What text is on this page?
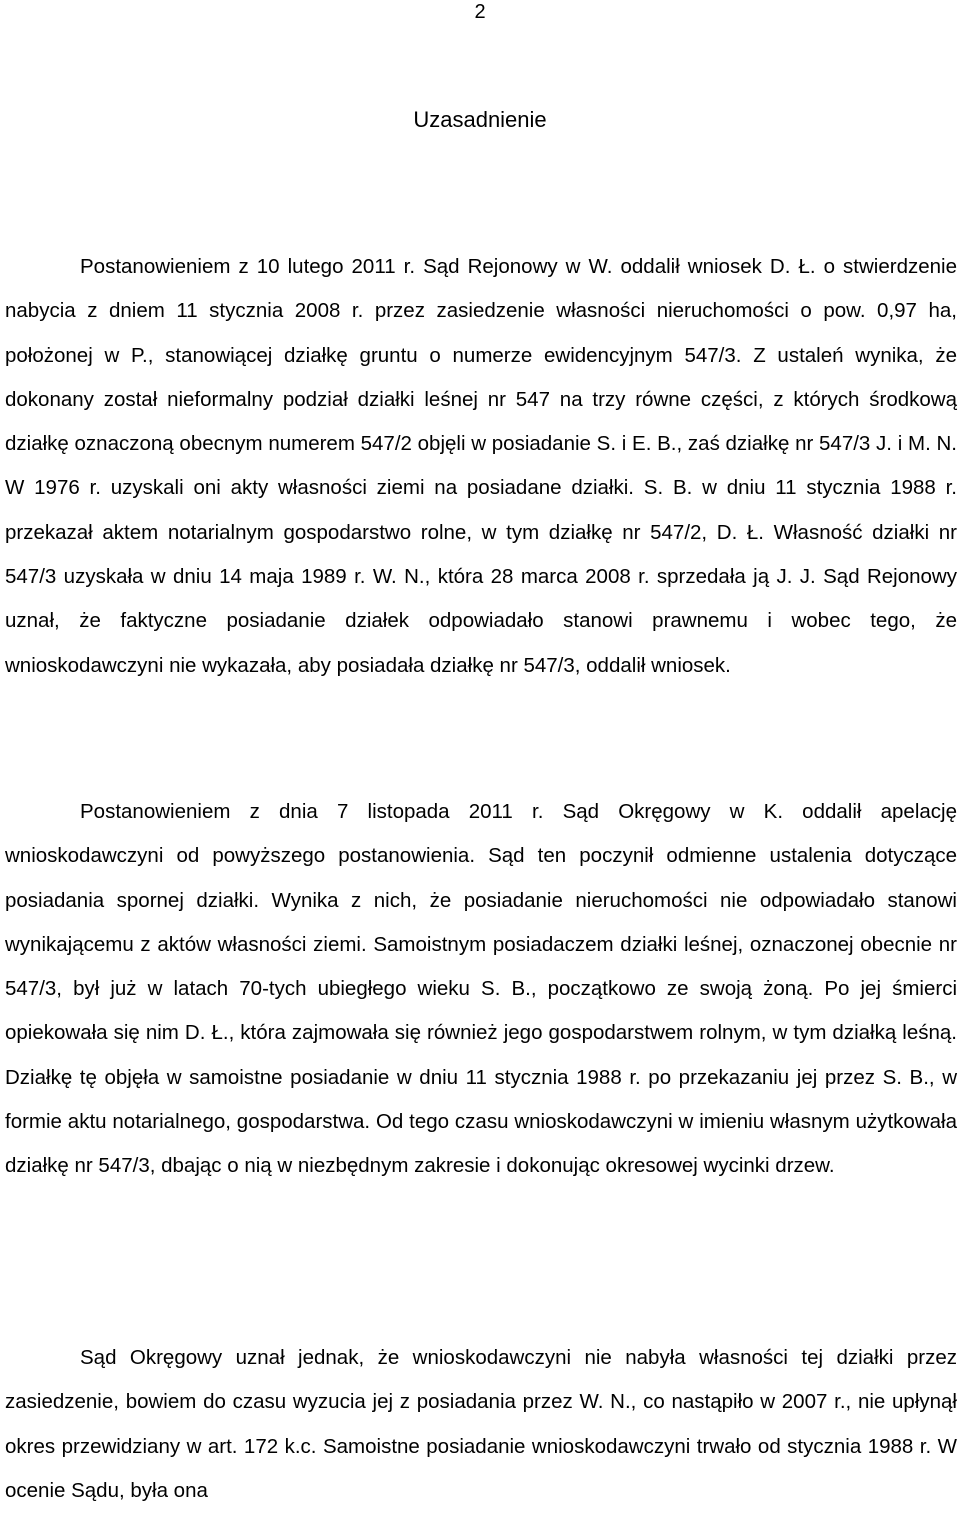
2
Uzasadnienie

Postanowieniem z 10 lutego 2011 r. Sąd Rejonowy w W. oddalił wniosek D. Ł. o stwierdzenie nabycia z dniem 11 stycznia 2008 r. przez zasiedzenie własności nieruchomości o pow. 0,97 ha, położonej w P., stanowiącej działkę gruntu o numerze ewidencyjnym 547/3. Z ustaleń wynika, że dokonany został nieformalny podział działki leśnej nr 547 na trzy równe części, z których środkową działkę oznaczoną obecnym numerem 547/2 objęli w posiadanie S. i E. B., zaś działkę nr 547/3 J. i M. N. W 1976 r. uzyskali oni akty własności ziemi na posiadane działki. S. B. w dniu 11 stycznia 1988 r. przekazał aktem notarialnym gospodarstwo rolne, w tym działkę nr 547/2, D. Ł. Własność działki nr 547/3 uzyskała w dniu 14 maja 1989 r. W. N., która 28 marca 2008 r. sprzedała ją J. J. Sąd Rejonowy uznał, że faktyczne posiadanie działek odpowiadało stanowi prawnemu i wobec tego, że wnioskodawczyni nie wykazała, aby posiadała działkę nr 547/3, oddalił wniosek.

Postanowieniem z dnia 7 listopada 2011 r. Sąd Okręgowy w K. oddalił apelację wnioskodawczyni od powyższego postanowienia. Sąd ten poczynił odmienne ustalenia dotyczące posiadania spornej działki. Wynika z nich, że posiadanie nieruchomości nie odpowiadało stanowi wynikającemu z aktów własności ziemi. Samoistnym posiadaczem działki leśnej, oznaczonej obecnie nr 547/3, był już w latach 70-tych ubiegłego wieku S. B., początkowo ze swoją żoną. Po jej śmierci opiekowała się nim D. Ł., która zajmowała się również jego gospodarstwem rolnym, w tym działką leśną. Działkę tę objęła w samoistne posiadanie w dniu 11 stycznia 1988 r. po przekazaniu jej przez S. B., w formie aktu notarialnego, gospodarstwa. Od tego czasu wnioskodawczyni w imieniu własnym użytkowała działkę nr 547/3, dbając o nią w niezbędnym zakresie i dokonując okresowej wycinki drzew.

Sąd Okręgowy uznał jednak, że wnioskodawczyni nie nabyła własności tej działki przez zasiedzenie, bowiem do czasu wyzucia jej z posiadania przez W. N., co nastąpiło w 2007 r., nie upłynął okres przewidziany w art. 172 k.c. Samoistne posiadanie wnioskodawczyni trwało od stycznia 1988 r. W ocenie Sądu, była ona
